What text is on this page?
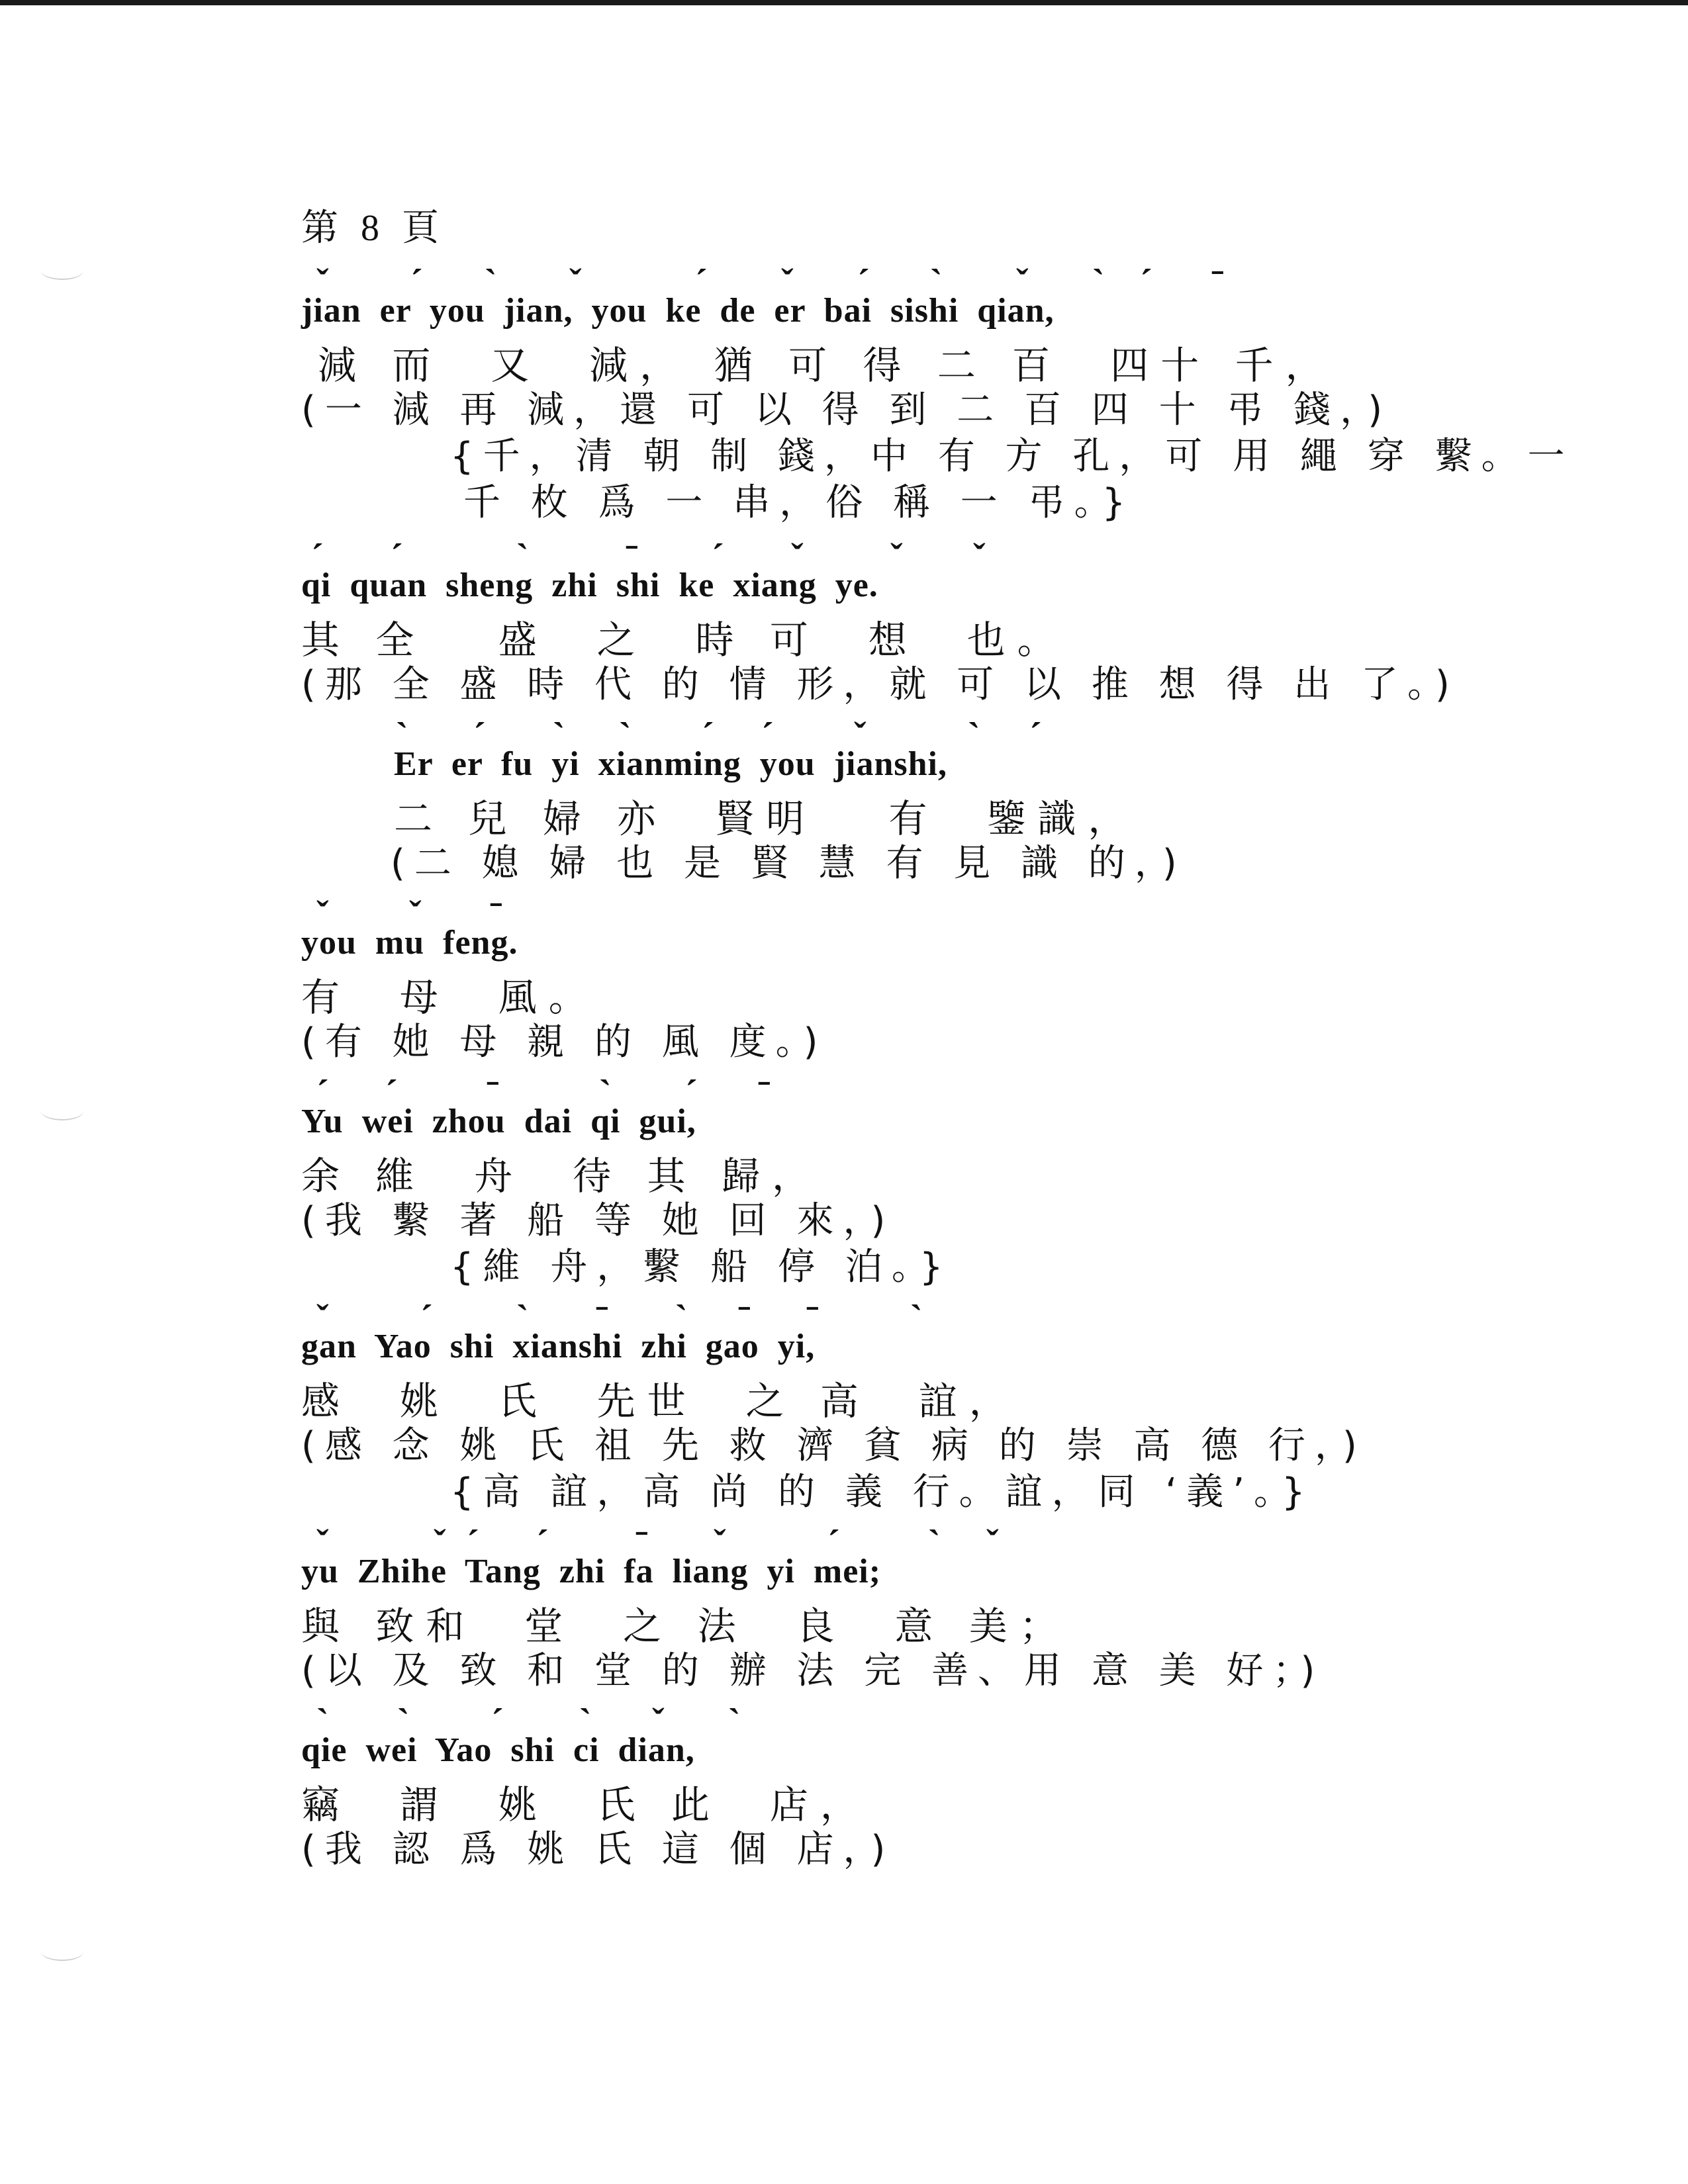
第 8 頁
jian  er  you  jian,  you  ke  de  er  bai  sishi  qian,
減 而  又  減， 猶 可 得 二 百  四十 千，
(一 減 再 減，還 可 以 得 到 二 百 四 十 弔 錢，)
{千，清 朝 制 錢，中 有 方 孔，可 用 繩 穿 繫。一
千 枚 爲 一 串，俗 稱 一 弔。}
qi  quan  sheng  zhi  shi  ke  xiang  ye.
其 全   盛  之  時 可  想  也。
(那 全 盛 時 代 的 情 形，就 可 以 推 想 得 出 了。)
Er  er  fu  yi  xianming  you  jianshi,
二 兒 婦 亦  賢明   有  鑒識，
(二 媳 婦 也 是 賢 慧 有 見 識 的，)
you  mu  feng.
有  母  風。
(有 她 母 親 的 風 度。)
Yu  wei  zhou  dai  qi  gui,
余 維  舟  待 其 歸，
(我 繫 著 船 等 她 回 來，)
{維 舟，繫 船 停 泊。}
gan  Yao  shi  xianshi  zhi  gao  yi,
感  姚  氏  先世  之 高  誼，
(感 念 姚 氏 祖 先 救 濟 貧 病 的 崇 高 德 行，)
{高 誼，高 尚 的 義 行。誼，同 ‘義’。}
yu  Zhihe  Tang  zhi  fa  liang  yi  mei;
與 致和  堂  之 法  良  意 美；
(以 及 致 和 堂 的 辦 法 完 善、用 意 美 好；)
qie  wei  Yao  shi  ci  dian,
竊  謂  姚  氏 此  店，
(我 認 爲 姚 氏 這 個 店，)
ˇ ˊ ˋ ˇ	ˊ ˇ ˊ ˋ ˇ ˋ ˊ ˉ
ˊ ˊ	ˋ	ˉ ˊ ˇ ˇ ˇ
ˋ ˊ ˋ ˋ ˊ ˊ ˇ	ˋ ˊ
ˇ ˇ ˉ
ˊ ˊ ˉ	ˋ ˊ ˉ
ˇ ˊ ˋ ˉ ˋ ˉ ˉ ˋ
ˇ	ˇ ˊ ˊ ˉ ˇ	ˊ ˋ ˇ
ˋ ˋ ˊ ˋ ˇ ˋ
